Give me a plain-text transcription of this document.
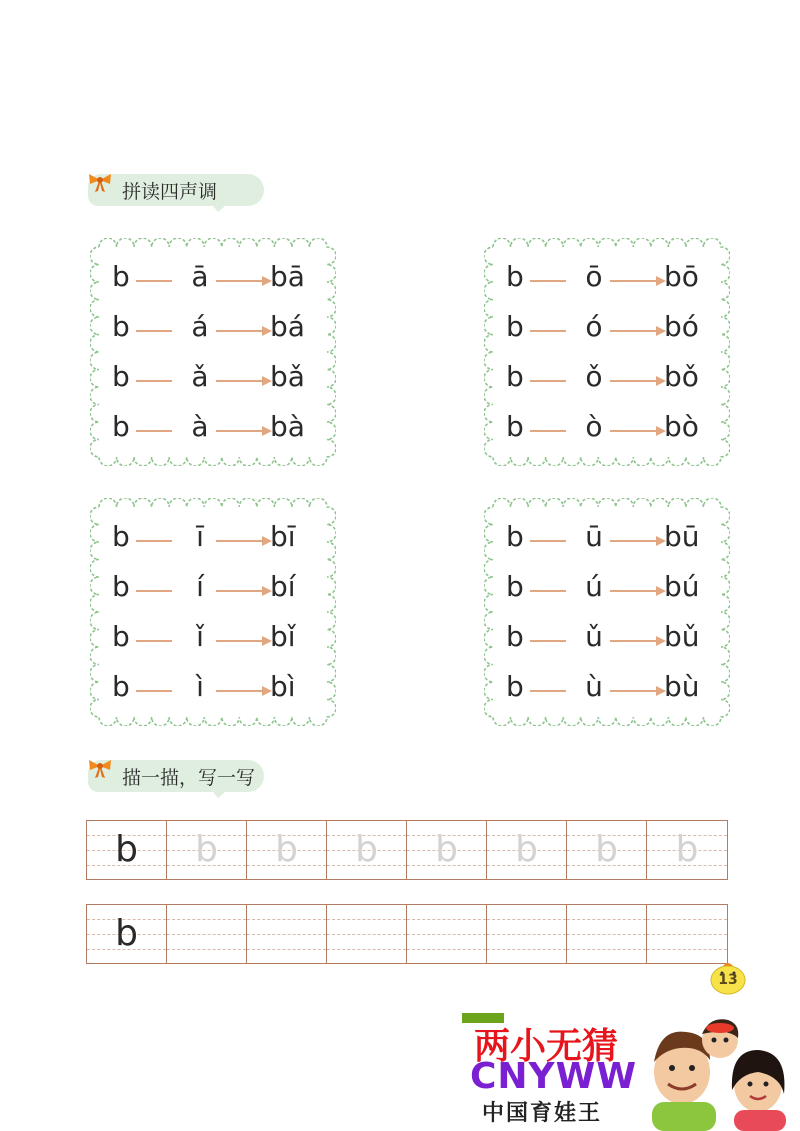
拼读四声调
b ā bā
b á bá
b ǎ bǎ
b à bà
b ō bō
b ó bó
b ǒ bǒ
b ò bò
b ī bī
b í bí
b ǐ bǐ
b ì bì
b ū bū
b ú bú
b ǔ bǔ
b ù bù
描一描，写一写
b	b	b	b	b	b	b	b
b
13
两小无猜
CNYWW
中国育娃王
